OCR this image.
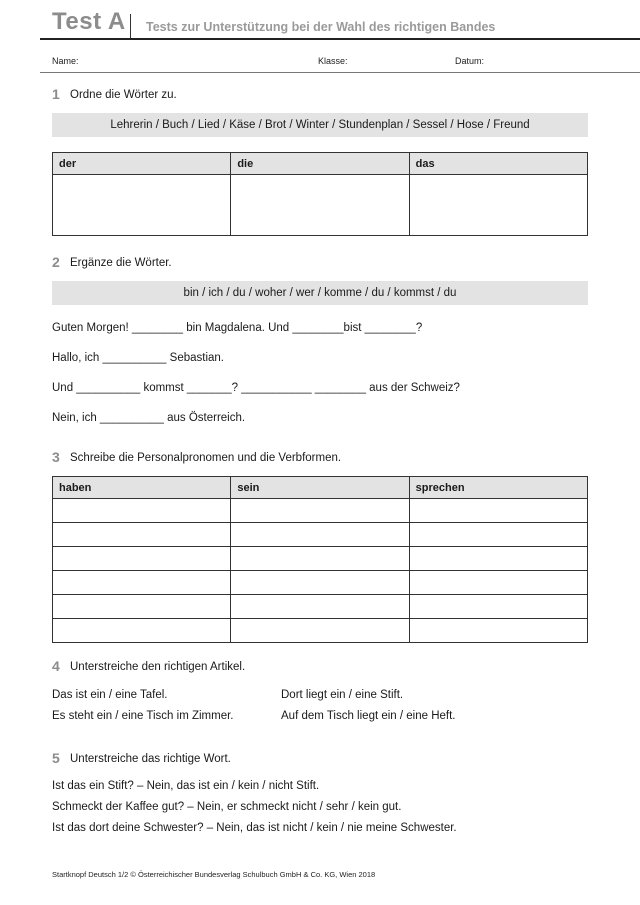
Test A Tests zur Unterstützung bei der Wahl des richtigen Bandes
Name:	Klasse:	Datum:
1 Ordne die Wörter zu.
Lehrerin / Buch / Lied / Käse / Brot / Winter / Stundenplan / Sessel / Hose / Freund
der	die	das

2 Ergänze die Wörter.
bin / ich / du / woher / wer / komme / du / kommst / du
Guten Morgen! ________ bin Magdalena. Und ________bist ________?
Hallo, ich __________ Sebastian.
Und __________ kommst _______? ___________ ________ aus der Schweiz?
Nein, ich __________ aus Österreich.
3 Schreibe die Personalpronomen und die Verbformen.
haben	sein	sprechen

4 Unterstreiche den richtigen Artikel.
Das ist ein / eine Tafel.	Dort liegt ein / eine Stift.
Es steht ein / eine Tisch im Zimmer.	Auf dem Tisch liegt ein / eine Heft.
5 Unterstreiche das richtige Wort.
Ist das ein Stift? – Nein, das ist ein / kein / nicht Stift.
Schmeckt der Kaffee gut? – Nein, er schmeckt nicht / sehr / kein gut.
Ist das dort deine Schwester? – Nein, das ist nicht / kein / nie meine Schwester.
Startknopf Deutsch 1/2 © Österreichischer Bundesverlag Schulbuch GmbH & Co. KG, Wien 2018
